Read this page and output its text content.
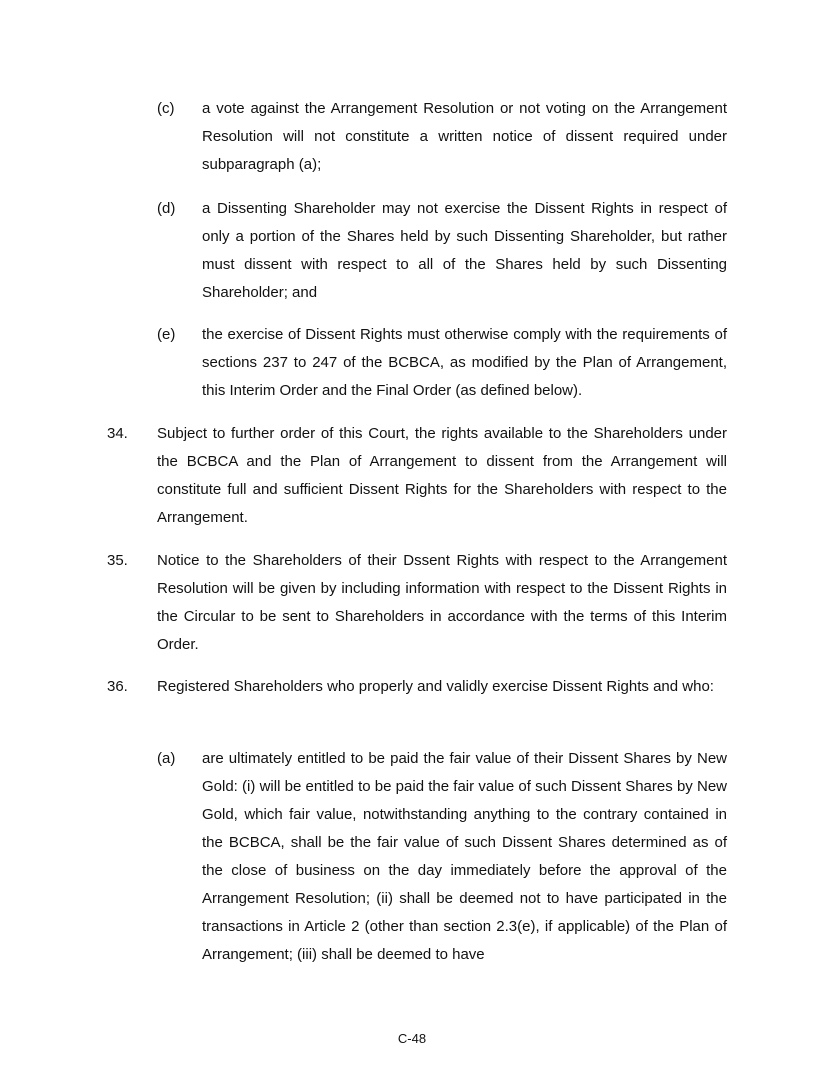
(c) a vote against the Arrangement Resolution or not voting on the Arrangement Resolution will not constitute a written notice of dissent required under subparagraph (a);
(d) a Dissenting Shareholder may not exercise the Dissent Rights in respect of only a portion of the Shares held by such Dissenting Shareholder, but rather must dissent with respect to all of the Shares held by such Dissenting Shareholder; and
(e) the exercise of Dissent Rights must otherwise comply with the requirements of sections 237 to 247 of the BCBCA, as modified by the Plan of Arrangement, this Interim Order and the Final Order (as defined below).
34. Subject to further order of this Court, the rights available to the Shareholders under the BCBCA and the Plan of Arrangement to dissent from the Arrangement will constitute full and sufficient Dissent Rights for the Shareholders with respect to the Arrangement.
35. Notice to the Shareholders of their Dssent Rights with respect to the Arrangement Resolution will be given by including information with respect to the Dissent Rights in the Circular to be sent to Shareholders in accordance with the terms of this Interim Order.
36. Registered Shareholders who properly and validly exercise Dissent Rights and who:
(a) are ultimately entitled to be paid the fair value of their Dissent Shares by New Gold: (i) will be entitled to be paid the fair value of such Dissent Shares by New Gold, which fair value, notwithstanding anything to the contrary contained in the BCBCA, shall be the fair value of such Dissent Shares determined as of the close of business on the day immediately before the approval of the Arrangement Resolution; (ii) shall be deemed not to have participated in the transactions in Article 2 (other than section 2.3(e), if applicable) of the Plan of Arrangement; (iii) shall be deemed to have
C-48
